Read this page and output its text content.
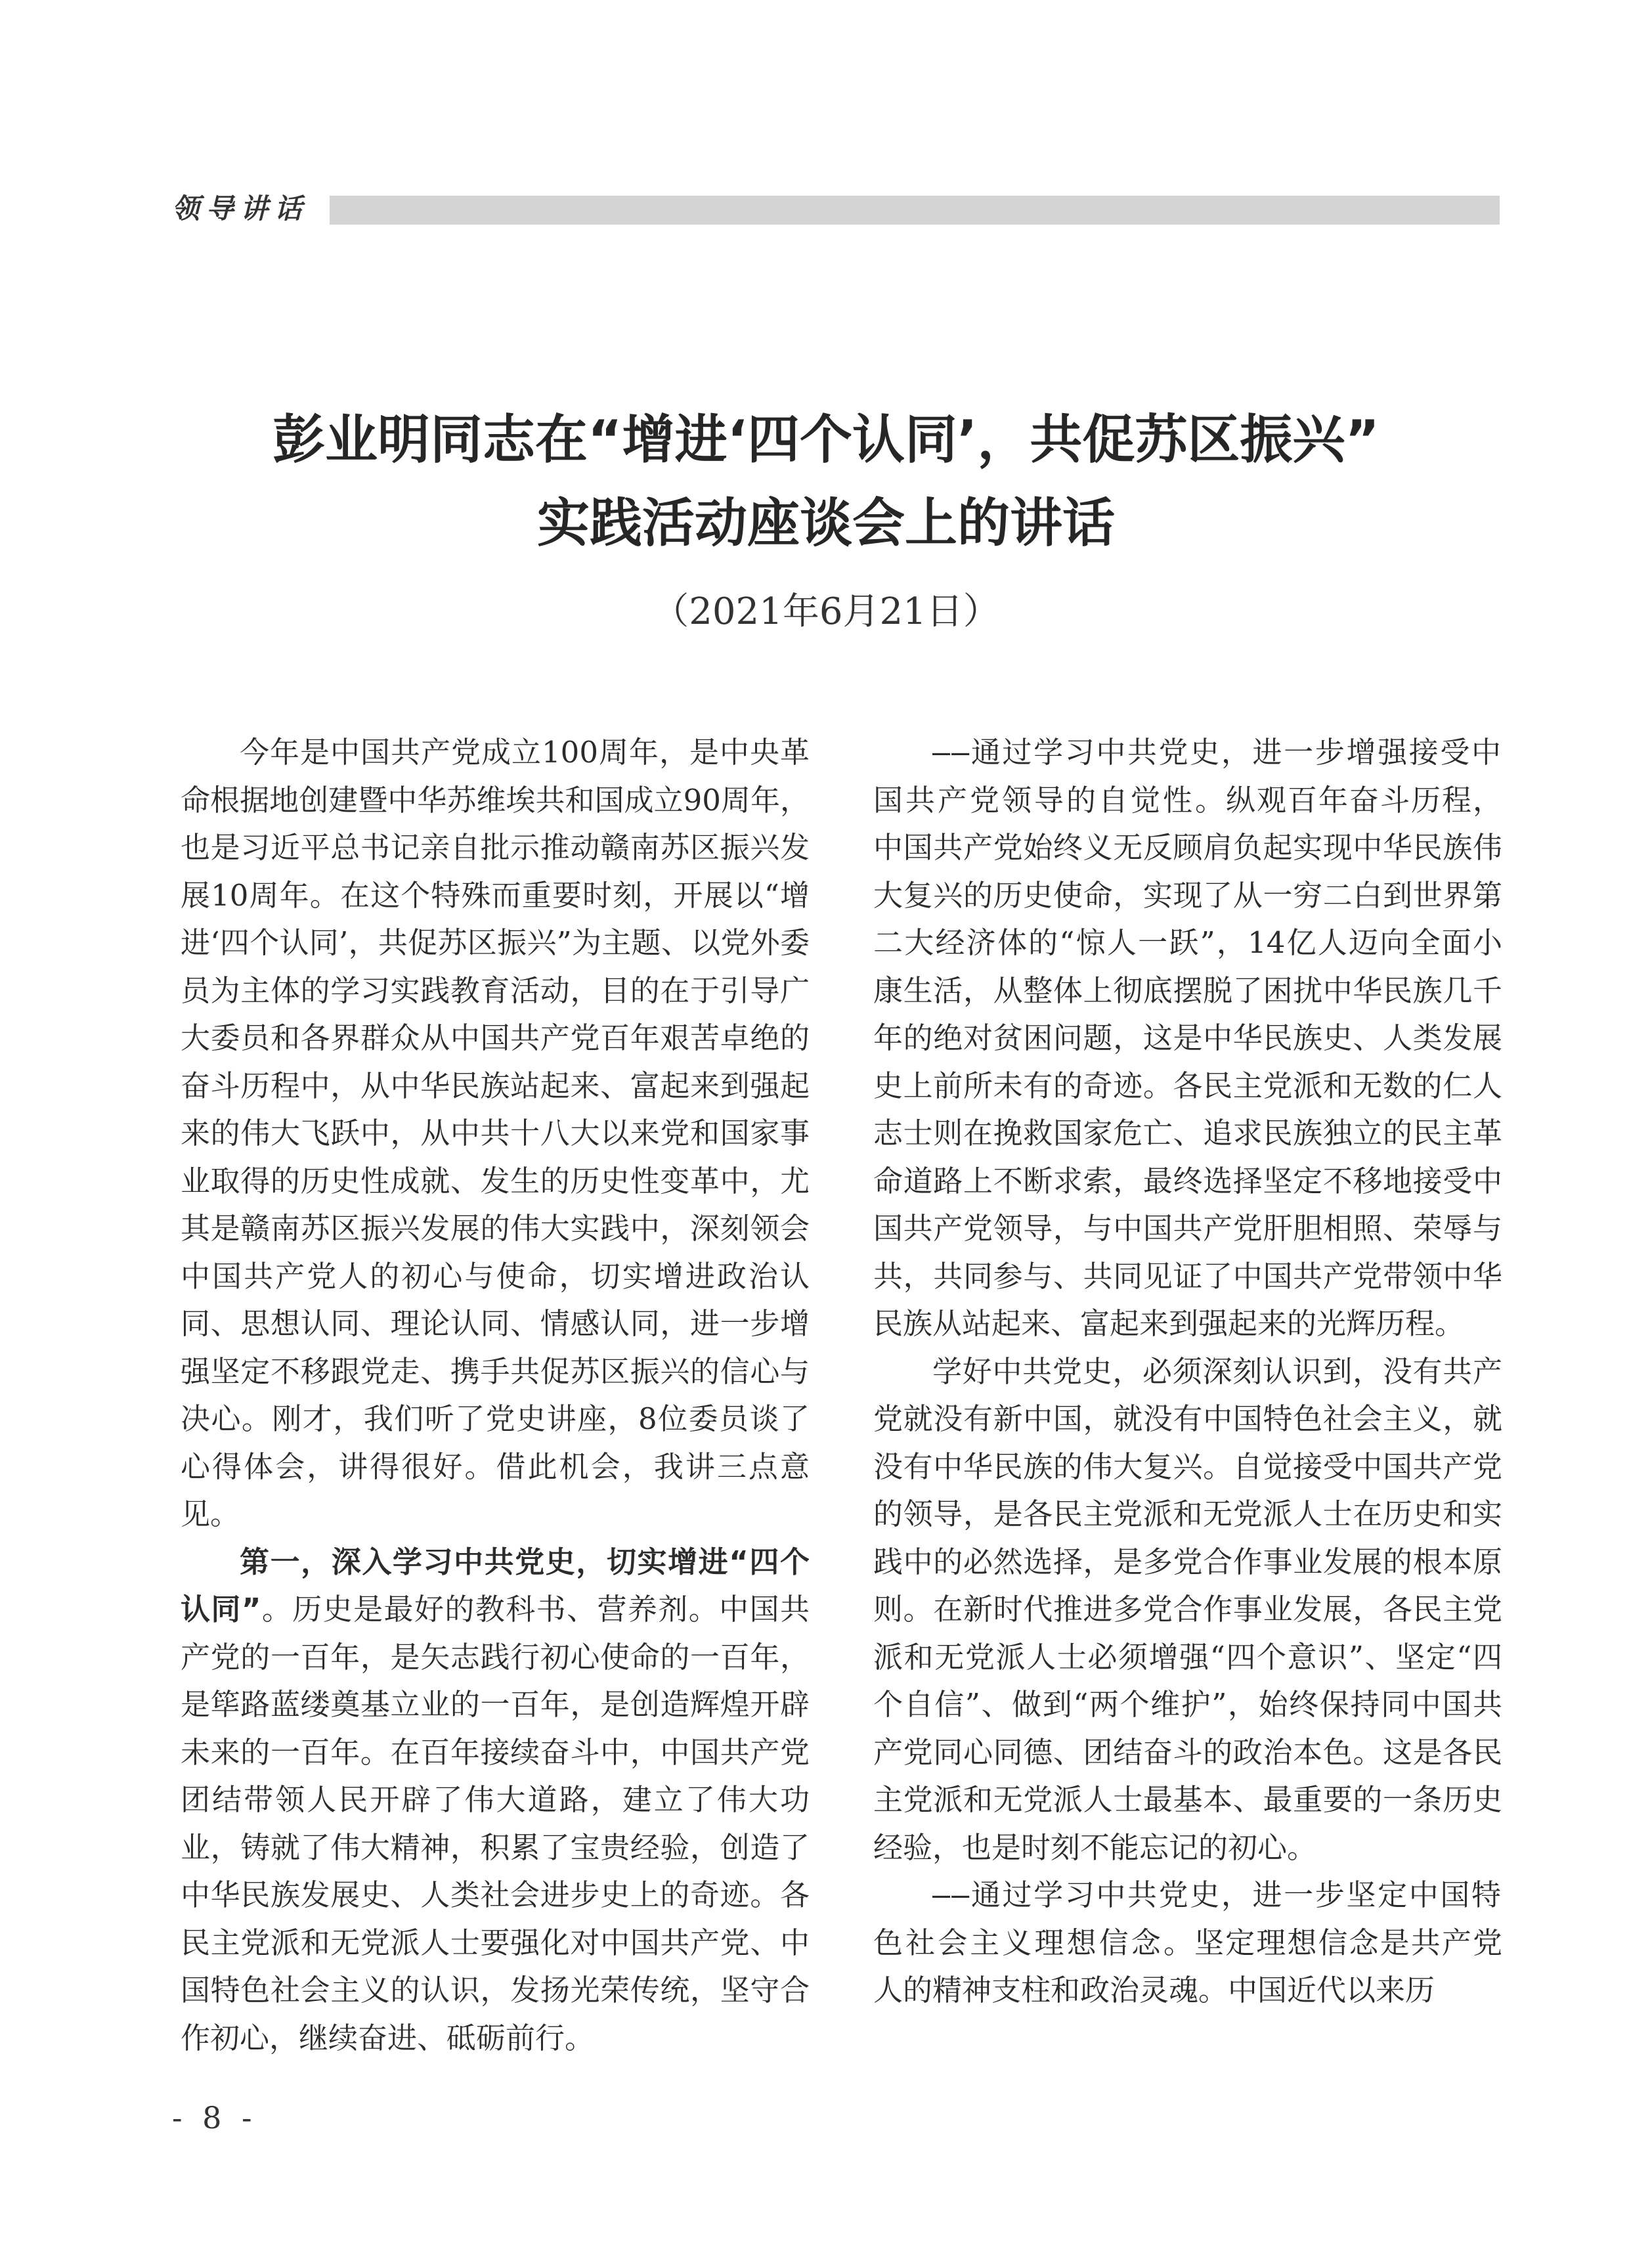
领导讲话
彭业明同志在“增进‘四个认同’，共促苏区振兴”
实践活动座谈会上的讲话
（2021年6月21日）

今年是中国共产党成立100周年，是中央革命根据地创建暨中华苏维埃共和国成立90周年，也是习近平总书记亲自批示推动赣南苏区振兴发展10周年。在这个特殊而重要时刻，开展以“增进‘四个认同’，共促苏区振兴”为主题、以党外委员为主体的学习实践教育活动，目的在于引导广大委员和各界群众从中国共产党百年艰苦卓绝的奋斗历程中，从中华民族站起来、富起来到强起来的伟大飞跃中，从中共十八大以来党和国家事业取得的历史性成就、发生的历史性变革中，尤其是赣南苏区振兴发展的伟大实践中，深刻领会中国共产党人的初心与使命，切实增进政治认同、思想认同、理论认同、情感认同，进一步增强坚定不移跟党走、携手共促苏区振兴的信心与决心。刚才，我们听了党史讲座，8位委员谈了心得体会，讲得很好。借此机会，我讲三点意见。

第一，深入学习中共党史，切实增进“四个认同”。历史是最好的教科书、营养剂。中国共产党的一百年，是矢志践行初心使命的一百年，是筚路蓝缕奠基立业的一百年，是创造辉煌开辟未来的一百年。在百年接续奋斗中，中国共产党团结带领人民开辟了伟大道路，建立了伟大功业，铸就了伟大精神，积累了宝贵经验，创造了中华民族发展史、人类社会进步史上的奇迹。各民主党派和无党派人士要强化对中国共产党、中国特色社会主义的认识，发扬光荣传统，坚守合作初心，继续奋进、砥砺前行。

——通过学习中共党史，进一步增强接受中国共产党领导的自觉性。纵观百年奋斗历程，中国共产党始终义无反顾肩负起实现中华民族伟大复兴的历史使命，实现了从一穷二白到世界第二大经济体的“惊人一跃”，14亿人迈向全面小康生活，从整体上彻底摆脱了困扰中华民族几千年的绝对贫困问题，这是中华民族史、人类发展史上前所未有的奇迹。各民主党派和无数的仁人志士则在挽救国家危亡、追求民族独立的民主革命道路上不断求索，最终选择坚定不移地接受中国共产党领导，与中国共产党肝胆相照、荣辱与共，共同参与、共同见证了中国共产党带领中华民族从站起来、富起来到强起来的光辉历程。

学好中共党史，必须深刻认识到，没有共产党就没有新中国，就没有中国特色社会主义，就没有中华民族的伟大复兴。自觉接受中国共产党的领导，是各民主党派和无党派人士在历史和实践中的必然选择，是多党合作事业发展的根本原则。在新时代推进多党合作事业发展，各民主党派和无党派人士必须增强“四个意识”、坚定“四个自信”、做到“两个维护”，始终保持同中国共产党同心同德、团结奋斗的政治本色。这是各民主党派和无党派人士最基本、最重要的一条历史经验，也是时刻不能忘记的初心。

——通过学习中共党史，进一步坚定中国特色社会主义理想信念。坚定理想信念是共产党人的精神支柱和政治灵魂。中国近代以来历

- 8 -
